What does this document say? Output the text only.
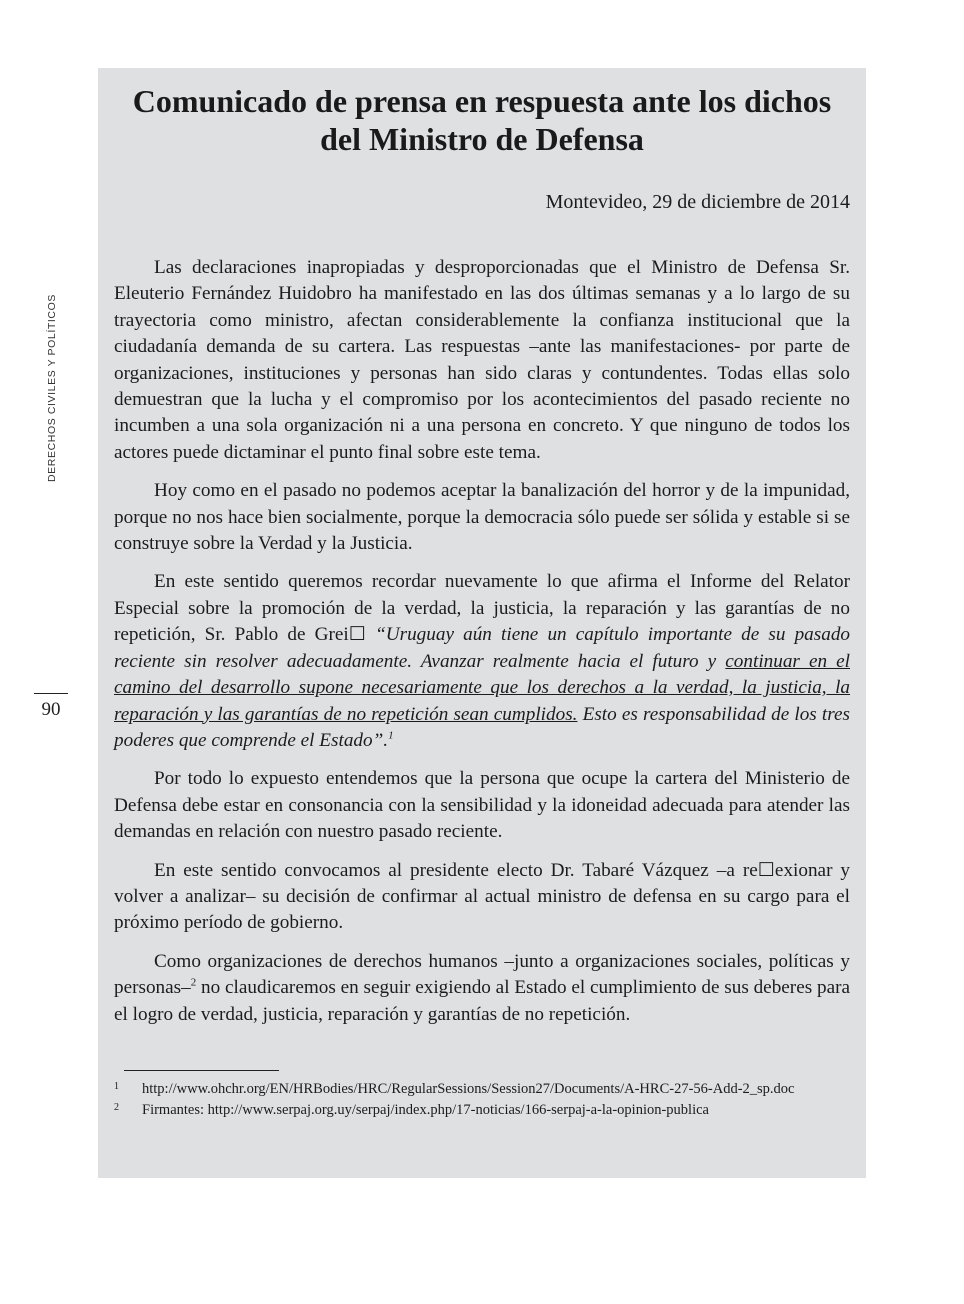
DERECHOS CIVILES Y POLÍTICOS
90
Comunicado de prensa en respuesta ante los dichos del Ministro de Defensa
Montevideo, 29 de diciembre de 2014

Las declaraciones inapropiadas y desproporcionadas que el Ministro de Defensa Sr. Eleuterio Fernández Huidobro ha manifestado en las dos últimas semanas y a lo largo de su trayectoria como ministro, afectan considerablemente la confianza institucional que la ciudadanía demanda de su cartera. Las respuestas –ante las manifestaciones- por parte de organizaciones, instituciones y personas han sido claras y contundentes. Todas ellas solo demuestran que la lucha y el compromiso por los acontecimientos del pasado reciente no incumben a una sola organización ni a una persona en concreto. Y que ninguno de todos los actores puede dictaminar el punto final sobre este tema.

Hoy como en el pasado no podemos aceptar la banalización del horror y de la impunidad, porque no nos hace bien socialmente, porque la democracia sólo puede ser sólida y estable si se construye sobre la Verdad y la Justicia.

En este sentido queremos recordar nuevamente lo que afirma el Informe del Relator Especial sobre la promoción de la verdad, la justicia, la reparación y las garantías de no repetición, Sr. Pablo de Grei☐ “Uruguay aún tiene un capítulo importante de su pasado reciente sin resolver adecuadamente. Avanzar realmente hacia el futuro y continuar en el camino del desarrollo supone necesariamente que los derechos a la verdad, la justicia, la reparación y las garantías de no repetición sean cumplidos. Esto es responsabilidad de los tres poderes que comprende el Estado”.$^1$

Por todo lo expuesto entendemos que la persona que ocupe la cartera del Ministerio de Defensa debe estar en consonancia con la sensibilidad y la idoneidad adecuada para atender las demandas en relación con nuestro pasado reciente.

En este sentido convocamos al presidente electo Dr. Tabaré Vázquez –a re☐exionar y volver a analizar– su decisión de confirmar al actual ministro de defensa en su cargo para el próximo período de gobierno.

Como organizaciones de derechos humanos –junto a organizaciones sociales, políticas y personas–$^2$ no claudicaremos en seguir exigiendo al Estado el cumplimiento de sus deberes para el logro de verdad, justicia, reparación y garantías de no repetición.

1 http://www.ohchr.org/EN/HRBodies/HRC/RegularSessions/Session27/Documents/A-HRC-27-56-Add-2_sp.doc

2 Firmantes: http://www.serpaj.org.uy/serpaj/index.php/17-noticias/166-serpaj-a-la-opinion-publica
